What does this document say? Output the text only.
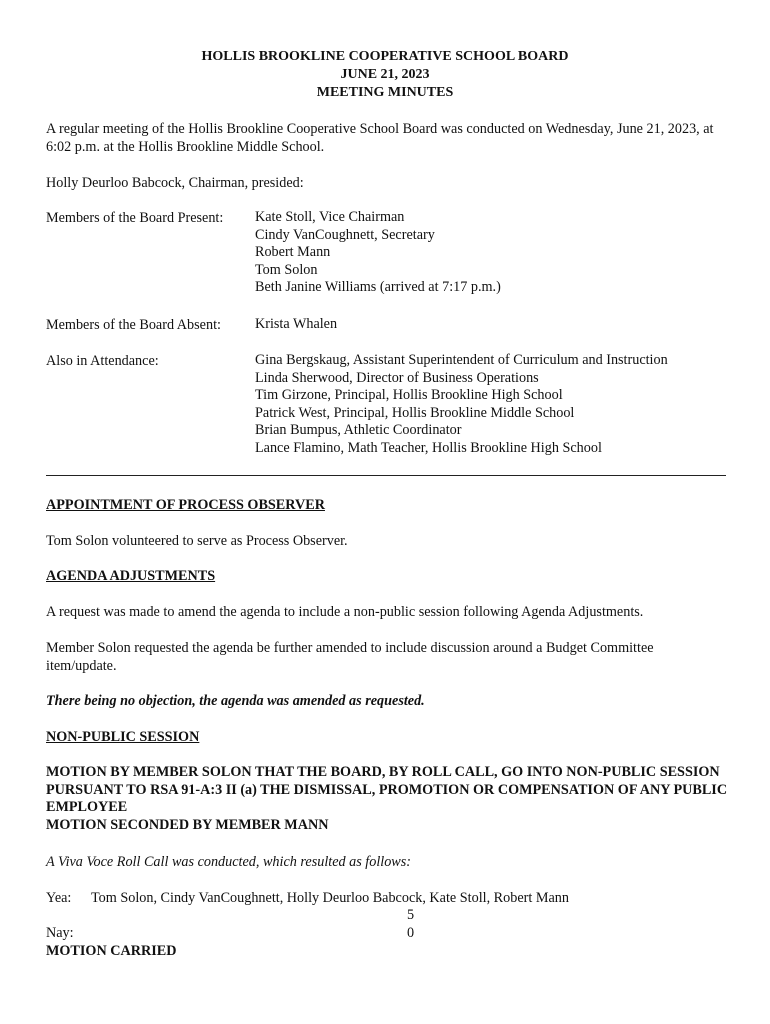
HOLLIS BROOKLINE COOPERATIVE SCHOOL BOARD
JUNE 21, 2023
MEETING MINUTES
A regular meeting of the Hollis Brookline Cooperative School Board was conducted on Wednesday, June 21, 2023, at 6:02 p.m. at the Hollis Brookline Middle School.
Holly Deurloo Babcock, Chairman, presided:
Members of the Board Present: Kate Stoll, Vice Chairman
Cindy VanCoughnett, Secretary
Robert Mann
Tom Solon
Beth Janine Williams (arrived at 7:17 p.m.)
Members of the Board Absent: Krista Whalen
Also in Attendance:	Gina Bergskaug, Assistant Superintendent of Curriculum and Instruction
Linda Sherwood, Director of Business Operations
Tim Girzone, Principal, Hollis Brookline High School
Patrick West, Principal, Hollis Brookline Middle School
Brian Bumpus, Athletic Coordinator
Lance Flamino, Math Teacher, Hollis Brookline High School
APPOINTMENT OF PROCESS OBSERVER
Tom Solon volunteered to serve as Process Observer.
AGENDA ADJUSTMENTS
A request was made to amend the agenda to include a non-public session following Agenda Adjustments.
Member Solon requested the agenda be further amended to include discussion around a Budget Committee item/update.
There being no objection, the agenda was amended as requested.
NON-PUBLIC SESSION
MOTION BY MEMBER SOLON THAT THE BOARD, BY ROLL CALL, GO INTO NON-PUBLIC SESSION PURSUANT TO RSA 91-A:3 II (a) THE DISMISSAL, PROMOTION OR COMPENSATION OF ANY PUBLIC EMPLOYEE
MOTION SECONDED BY MEMBER MANN
A Viva Voce Roll Call was conducted, which resulted as follows:
Yea: Tom Solon, Cindy VanCoughnett, Holly Deurloo Babcock, Kate Stoll, Robert Mann
5
Nay:	0
MOTION CARRIED
